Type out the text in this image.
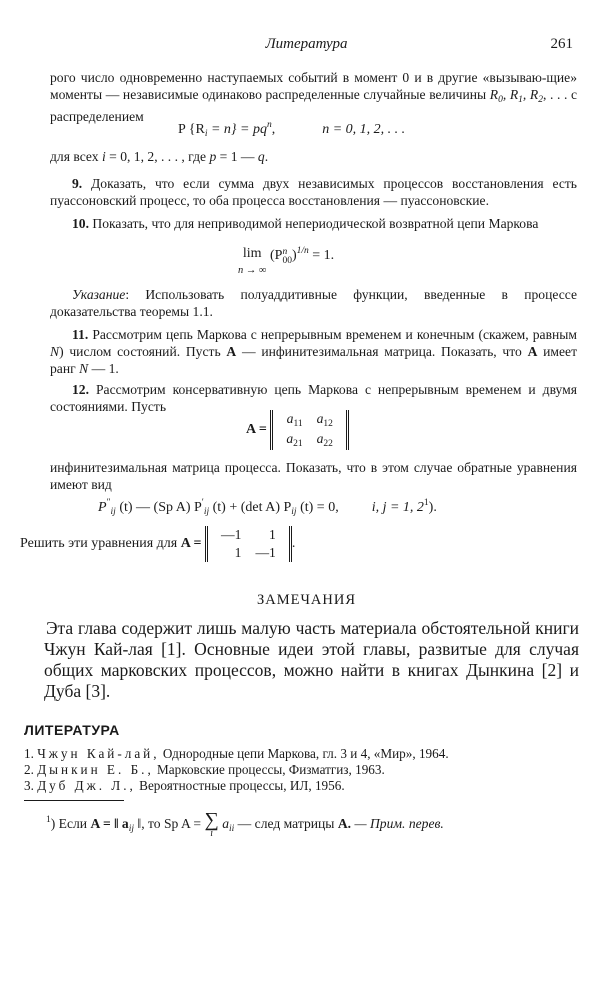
Литература	261
рого число одновременно наступаемых событий в момент 0 и в другие «вызываю-щие» моменты — независимые одинаково распределенные случайные величины $R_0$, $R_1$, $R_2$, . . . с распределением
P $\{R_i = n\} = pq^n$,	n = 0, 1, 2, . . .
для всех i = 0, 1, 2, . . . , где p = 1 — q.
9. Доказать, что если сумма двух независимых процессов восстановления есть пуассоновский процесс, то оба процесса восстановления — пуассоновские.
10. Показать, что для неприводимой непериодической возвратной цепи Маркова
lim
n → ∞ (Pn
00)$^{1/n}$ = 1.
Указание: Использовать полуаддитивные функции, введенные в процессе доказательства теоремы 1.1.
11. Рассмотрим цепь Маркова с непрерывным временем и конечным (скажем, равным N) числом состояний. Пусть A — инфинитезимальная матрица. Показать, что A имеет ранг N — 1.
12. Рассмотрим консервативную цепь Маркова с непрерывным временем и двумя состояниями. Пусть
A =
$a_{11}$	$a_{12}$
$a_{21}$	$a_{22}$
инфинитезимальная матрица процесса. Показать, что в этом случае обратные уравнения имеют вид
$P''_{ij}$ (t) — (Sp A) $P'_{ij}$ (t) + (det A) $P_{ij}$ (t) = 0, i, j = 1, $2^1$).
Решить эти уравнения для A =
—1	1
1	—1
.
ЗАМЕЧАНИЯ
Эта глава содержит лишь малую часть материала обстоятельной книги Чжун Кай-лая [1]. Основные идеи этой главы, развитые для случая общих марковских процессов, можно найти в книгах Дынкина [2] и Дуба [3].
ЛИТЕРАТУРА
1. Чжун Кай-лай, Однородные цепи Маркова, гл. 3 и 4, «Мир», 1964.
2. Дынкин Е. Б., Марковские процессы, Физматгиз, 1963.
3. Дуб Дж. Л., Вероятностные процессы, ИЛ, 1956.
$^1$) Если A = ‖ $a_{ij}$ ‖, то Sp A = ∑
i $a_{ii}$ — след матрицы A. — Прим. перев.
